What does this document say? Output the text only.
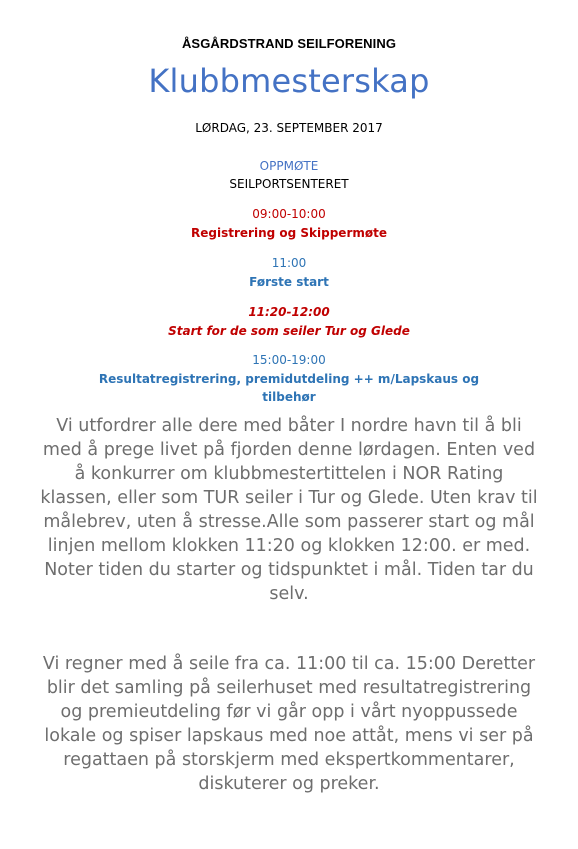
ÅSGÅRDSTRAND SEILFORENING

Klubbmesterskap

LØRDAG, 23. SEPTEMBER 2017

OPPMØTE

SEILPORTSENTERET

09:00-10:00

Registrering og Skippermøte

11:00

Første start

11:20-12:00

Start for de som seiler Tur og Glede

15:00-19:00

Resultatregistrering, premidutdeling ++ m/Lapskaus og

tilbehør

Vi utfordrer alle dere med båter I nordre havn til å bli
med å prege livet på fjorden denne lørdagen. Enten ved
å konkurrer om klubbmestertittelen i NOR Rating
klassen, eller som TUR seiler i Tur og Glede. Uten krav til
målebrev, uten å stresse.Alle som passerer start og mål
linjen mellom klokken 11:20 og klokken 12:00. er med.
Noter tiden du starter og tidspunktet i mål. Tiden tar du
selv.
Vi regner med å seile fra ca. 11:00 til ca. 15:00 Deretter
blir det samling på seilerhuset med resultatregistrering
og premieutdeling før vi går opp i vårt nyoppussede
lokale og spiser lapskaus med noe attåt, mens vi ser på
regattaen på storskjerm med ekspertkommentarer,
diskuterer og preker.
